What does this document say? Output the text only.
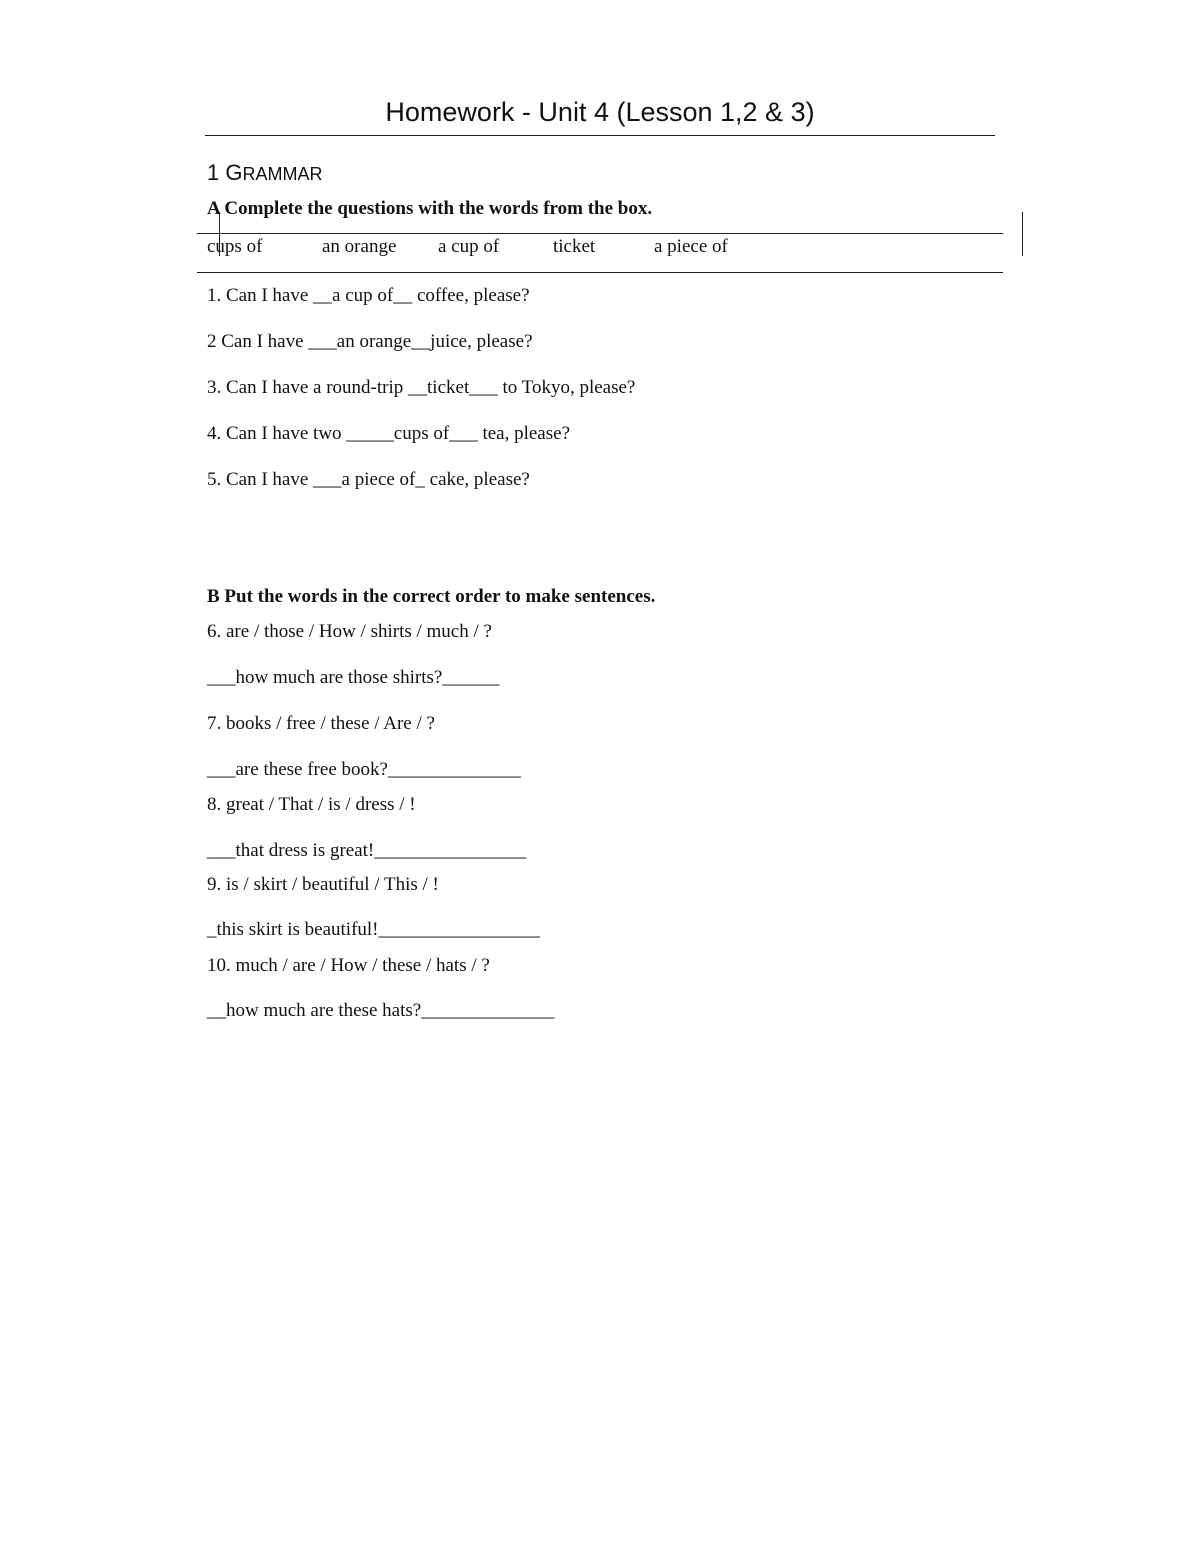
Homework - Unit 4 (Lesson 1,2 & 3)
1 GRAMMAR
A Complete the questions with the words from the box.
cups of	an orange a cup of	ticket	a piece of
1. Can I have __a cup of__ coffee, please?
2 Can I have ___an orange__juice, please?
3. Can I have a round-trip __ticket___ to Tokyo, please?
4. Can I have two _____cups of___ tea, please?
5. Can I have ___a piece of_ cake, please?
B Put the words in the correct order to make sentences.
6. are / those / How / shirts / much / ?
___how much are those shirts?______
7. books / free / these / Are / ?
___are these free book?______________
8. great / That / is / dress / !
___that dress is great!________________
9. is / skirt / beautiful / This / !
_this skirt is beautiful!_________________
10. much / are / How / these / hats / ?
__how much are these hats?______________
